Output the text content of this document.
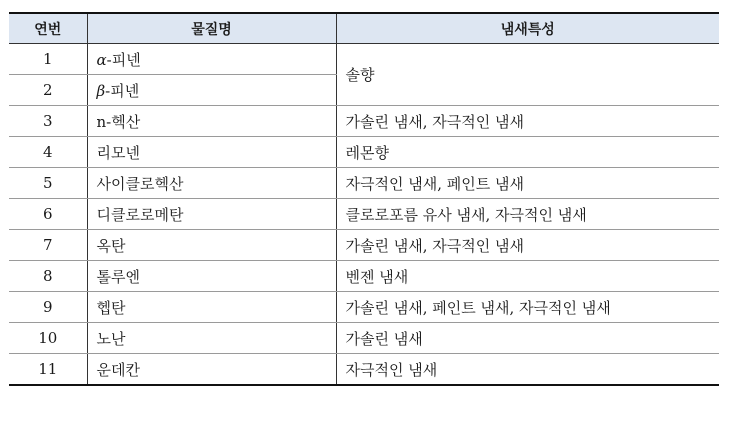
연번	물질명	냄새특성
1	α-피넨	솔향
2	β-피넨	
3	n-헥산	가솔린 냄새, 자극적인 냄새
4	리모넨	레몬향
5	사이클로헥산	자극적인 냄새, 페인트 냄새
6	디클로로메탄	클로로포름 유사 냄새, 자극적인 냄새
7	옥탄	가솔린 냄새, 자극적인 냄새
8	톨루엔	벤젠 냄새
9	헵탄	가솔린 냄새, 페인트 냄새, 자극적인 냄새
10	노난	가솔린 냄새
11	운데칸	자극적인 냄새
